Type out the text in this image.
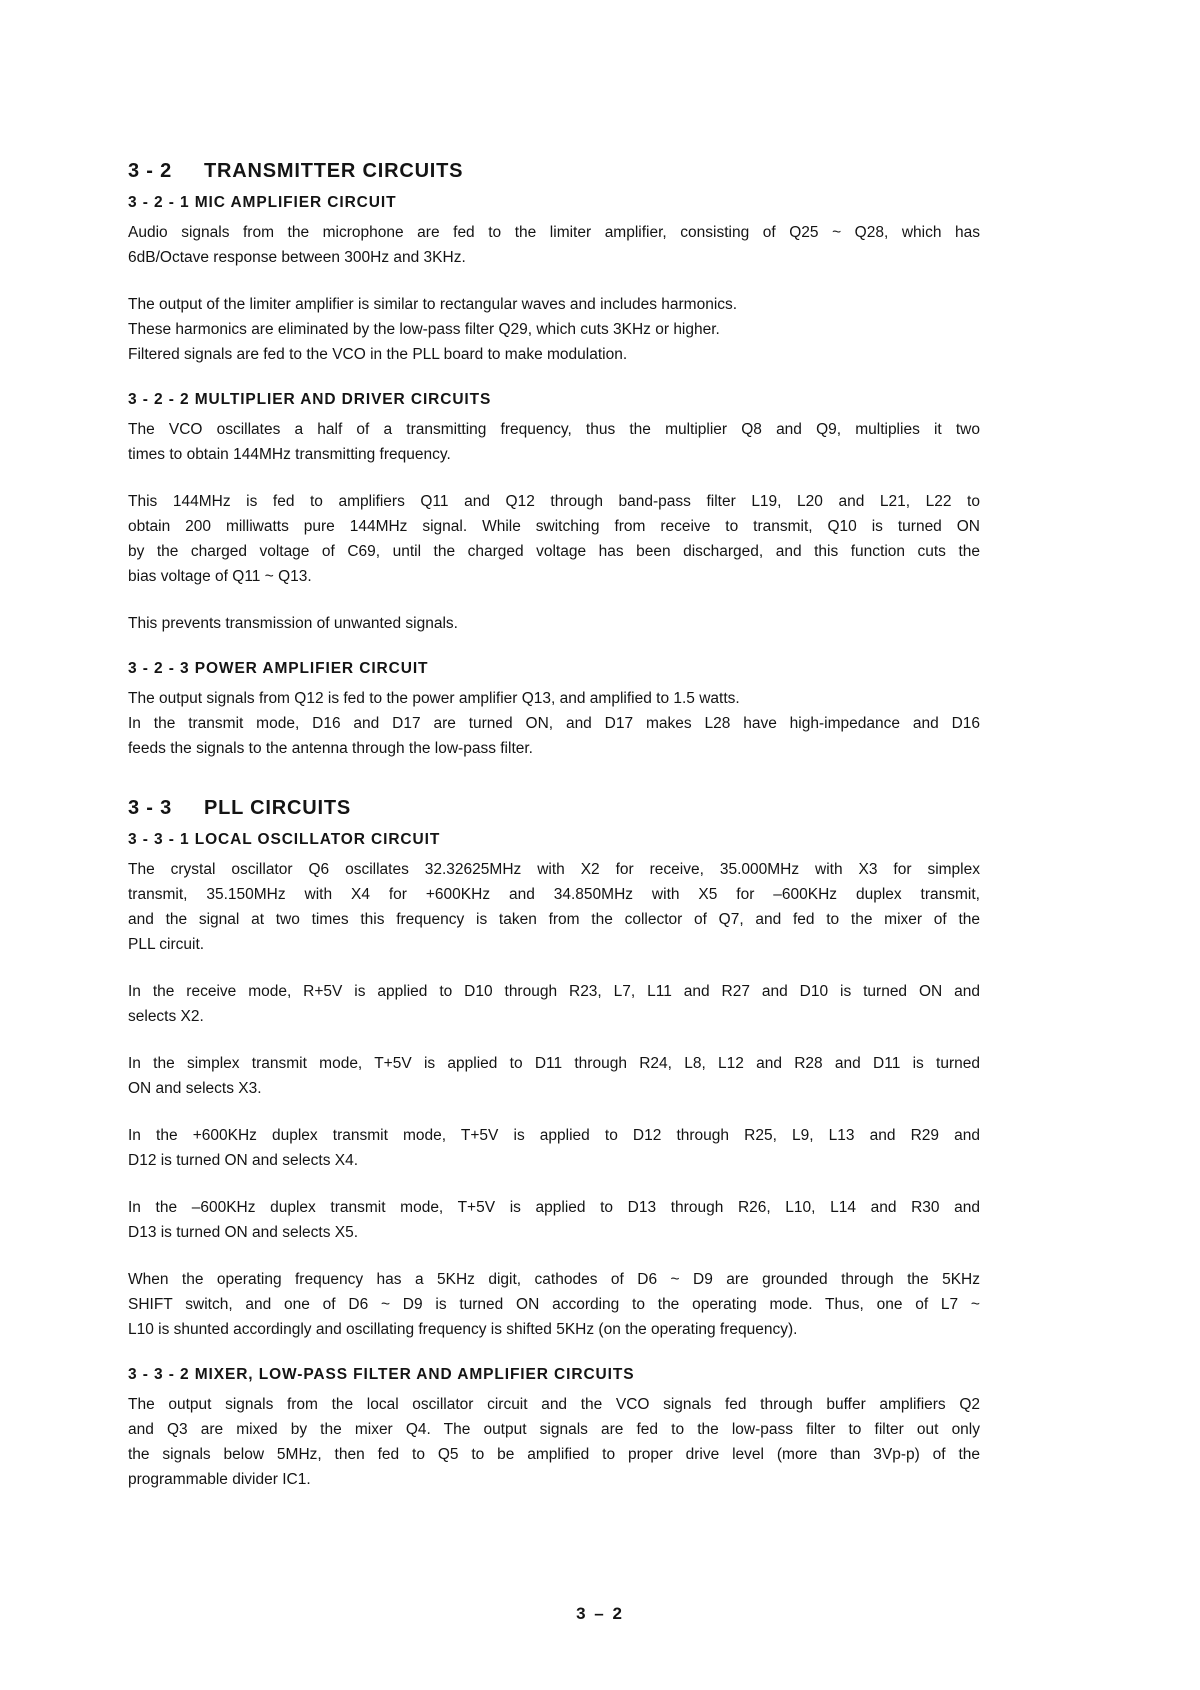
3 - 2 TRANSMITTER CIRCUITS
3 - 2 - 1 MIC AMPLIFIER CIRCUIT

Audio signals from the microphone are fed to the limiter amplifier, consisting of Q25 ~ Q28, which has
6dB/Octave response between 300Hz and 3KHz.

The output of the limiter amplifier is similar to rectangular waves and includes harmonics.
These harmonics are eliminated by the low-pass filter Q29, which cuts 3KHz or higher.
Filtered signals are fed to the VCO in the PLL board to make modulation.

3 - 2 - 2 MULTIPLIER AND DRIVER CIRCUITS

The VCO oscillates a half of a transmitting frequency, thus the multiplier Q8 and Q9, multiplies it two
times to obtain 144MHz transmitting frequency.

This 144MHz is fed to amplifiers Q11 and Q12 through band-pass filter L19, L20 and L21, L22 to
obtain 200 milliwatts pure 144MHz signal. While switching from receive to transmit, Q10 is turned ON
by the charged voltage of C69, until the charged voltage has been discharged, and this function cuts the
bias voltage of Q11 ~ Q13.

This prevents transmission of unwanted signals.

3 - 2 - 3 POWER AMPLIFIER CIRCUIT

The output signals from Q12 is fed to the power amplifier Q13, and amplified to 1.5 watts.
In the transmit mode, D16 and D17 are turned ON, and D17 makes L28 have high-impedance and D16
feeds the signals to the antenna through the low-pass filter.

3 - 3 PLL CIRCUITS
3 - 3 - 1 LOCAL OSCILLATOR CIRCUIT

The crystal oscillator Q6 oscillates 32.32625MHz with X2 for receive, 35.000MHz with X3 for simplex
transmit, 35.150MHz with X4 for +600KHz and 34.850MHz with X5 for –600KHz duplex transmit,
and the signal at two times this frequency is taken from the collector of Q7, and fed to the mixer of the
PLL circuit.

In the receive mode, R+5V is applied to D10 through R23, L7, L11 and R27 and D10 is turned ON and
selects X2.

In the simplex transmit mode, T+5V is applied to D11 through R24, L8, L12 and R28 and D11 is turned
ON and selects X3.

In the +600KHz duplex transmit mode, T+5V is applied to D12 through R25, L9, L13 and R29 and
D12 is turned ON and selects X4.

In the –600KHz duplex transmit mode, T+5V is applied to D13 through R26, L10, L14 and R30 and
D13 is turned ON and selects X5.

When the operating frequency has a 5KHz digit, cathodes of D6 ~ D9 are grounded through the 5KHz
SHIFT switch, and one of D6 ~ D9 is turned ON according to the operating mode. Thus, one of L7 ~
L10 is shunted accordingly and oscillating frequency is shifted 5KHz (on the operating frequency).

3 - 3 - 2 MIXER, LOW-PASS FILTER AND AMPLIFIER CIRCUITS

The output signals from the local oscillator circuit and the VCO signals fed through buffer amplifiers Q2
and Q3 are mixed by the mixer Q4. The output signals are fed to the low-pass filter to filter out only
the signals below 5MHz, then fed to Q5 to be amplified to proper drive level (more than 3Vp-p) of the
programmable divider IC1.

3 – 2
